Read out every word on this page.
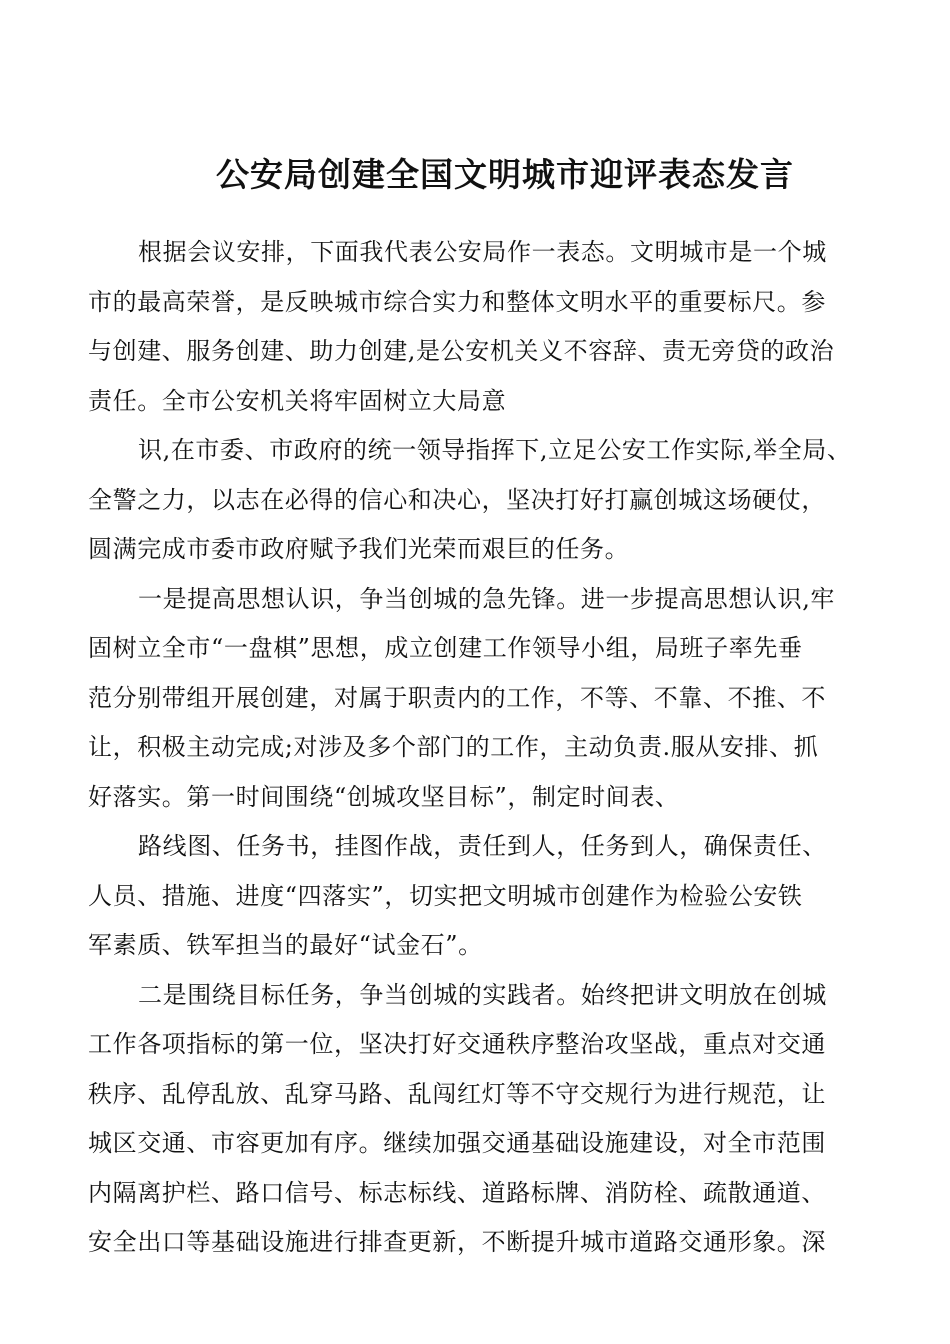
公安局创建全国文明城市迎评表态发言
根据会议安排，下面我代表公安局作一表态。文明城市是一个城
市的最高荣誉，是反映城市综合实力和整体文明水平的重要标尺。参
与创建、服务创建、助力创建,是公安机关义不容辞、责无旁贷的政治
责任。全市公安机关将牢固树立大局意
识,在市委、市政府的统一领导指挥下,立足公安工作实际,举全局、
全警之力，以志在必得的信心和决心，坚决打好打赢创城这场硬仗，
圆满完成市委市政府赋予我们光荣而艰巨的任务。
一是提高思想认识，争当创城的急先锋。进一步提高思想认识,牢
固树立全市“一盘棋”思想，成立创建工作领导小组，局班子率先垂
范分别带组开展创建，对属于职责内的工作，不等、不靠、不推、不
让，积极主动完成;对涉及多个部门的工作，主动负责.服从安排、抓
好落实。第一时间围绕“创城攻坚目标”，制定时间表、
路线图、任务书，挂图作战，责任到人，任务到人，确保责任、
人员、措施、进度“四落实”，切实把文明城市创建作为检验公安铁
军素质、铁军担当的最好“试金石”。
二是围绕目标任务，争当创城的实践者。始终把讲文明放在创城
工作各项指标的第一位，坚决打好交通秩序整治攻坚战，重点对交通
秩序、乱停乱放、乱穿马路、乱闯红灯等不守交规行为进行规范，让
城区交通、市容更加有序。继续加强交通基础设施建设，对全市范围
内隔离护栏、路口信号、标志标线、道路标牌、消防栓、疏散通道、
安全出口等基础设施进行排查更新，不断提升城市道路交通形象。深
